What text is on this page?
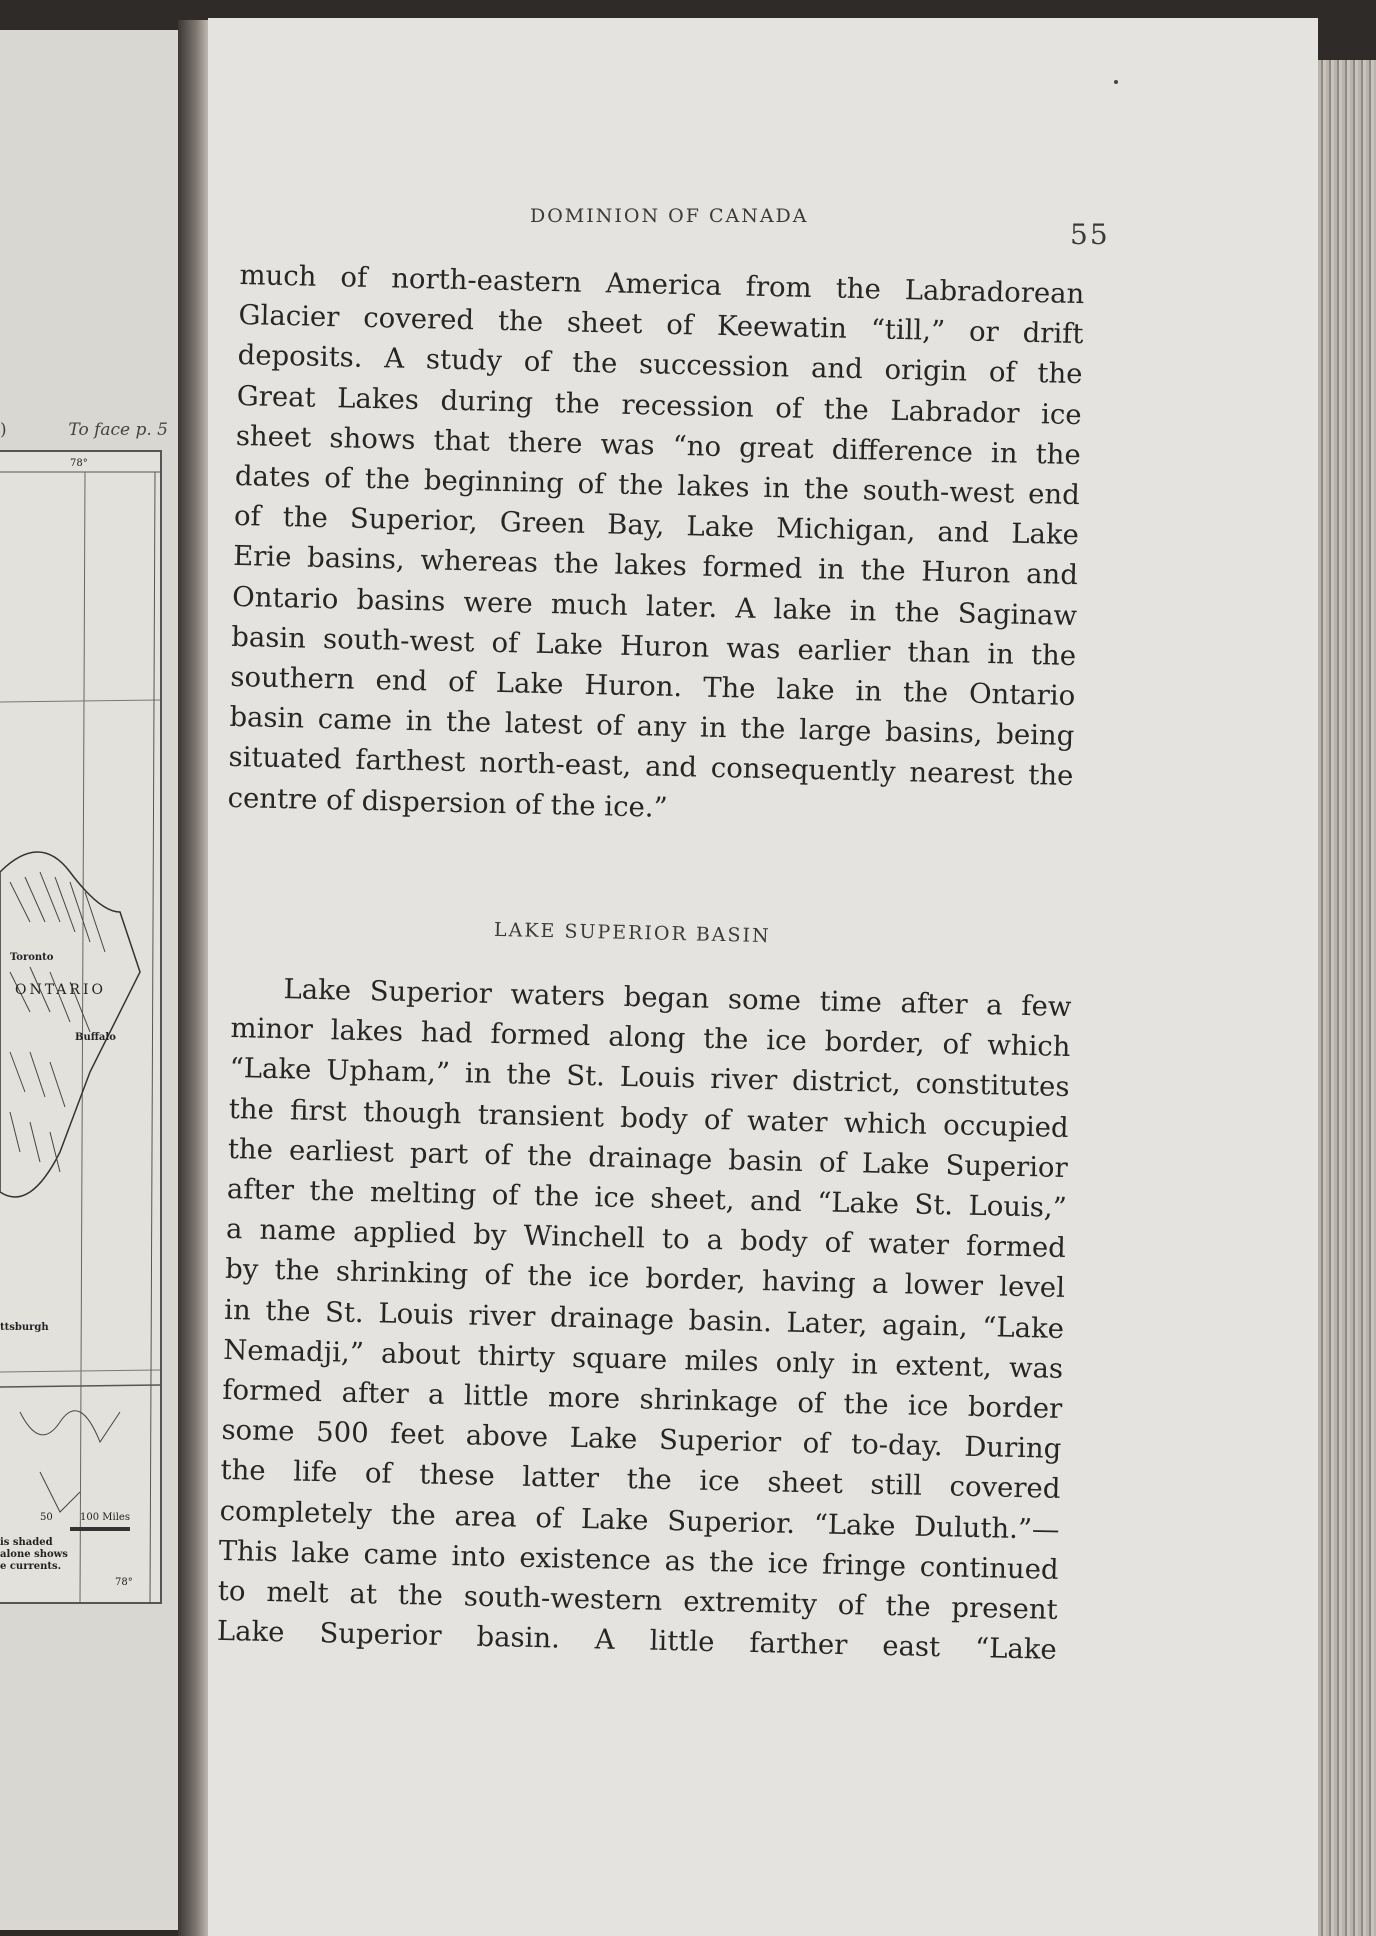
)	To face p. 5
78°
Toronto
ONTARIO
Buffalo
ttsburgh
50	100 Miles
is shaded
alone shows
e currents.
78°
DOMINION OF CANADA
55
much of north-eastern America from the Labradorean
Glacier covered the sheet of Keewatin “till,” or drift
deposits. A study of the succession and origin of the
Great Lakes during the recession of the Labrador ice
sheet shows that there was “no great difference in the
dates of the beginning of the lakes in the south-west end
of the Superior, Green Bay, Lake Michigan, and Lake
Erie basins, whereas the lakes formed in the Huron and
Ontario basins were much later. A lake in the Saginaw
basin south-west of Lake Huron was earlier than in the
southern end of Lake Huron. The lake in the Ontario
basin came in the latest of any in the large basins, being
situated farthest north-east, and consequently nearest the
centre of dispersion of the ice.”
LAKE SUPERIOR BASIN
Lake Superior waters began some time after a few
minor lakes had formed along the ice border, of which
“Lake Upham,” in the St. Louis river district, constitutes
the first though transient body of water which occupied
the earliest part of the drainage basin of Lake Superior
after the melting of the ice sheet, and “Lake St. Louis,”
a name applied by Winchell to a body of water formed
by the shrinking of the ice border, having a lower level
in the St. Louis river drainage basin. Later, again, “Lake
Nemadji,” about thirty square miles only in extent, was
formed after a little more shrinkage of the ice border
some 500 feet above Lake Superior of to-day. During
the life of these latter the ice sheet still covered
completely the area of Lake Superior. “Lake Duluth.”—
This lake came into existence as the ice fringe continued
to melt at the south-western extremity of the present
Lake Superior basin. A little farther east “Lake
